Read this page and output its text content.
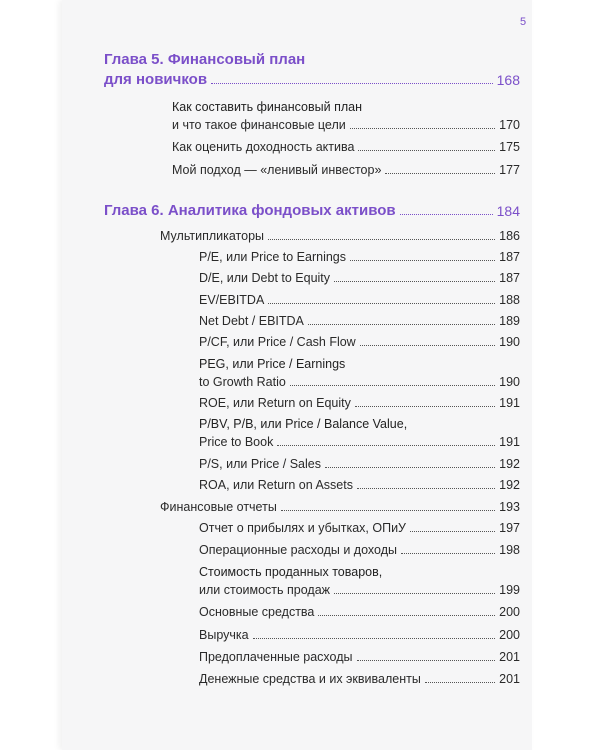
5
Глава 5. Финансовый план
для новичков	168
Как составить финансовый план
и что такое финансовые цели	170
Как оценить доходность актива	175
Мой подход — «ленивый инвестор»	177
Глава 6. Аналитика фондовых активов	184
Мультипликаторы	186
P/E, или Price to Earnings	187
D/E, или Debt to Equity	187
EV/EBITDA	188
Net Debt / EBITDA	189
P/CF, или Price / Cash Flow	190
PEG, или Price / Earnings
to Growth Ratio	190
ROE, или Return on Equity	191
P/BV, P/B, или Price / Balance Value,
Price to Book	191
P/S, или Price / Sales	192
ROA, или Return on Assets	192
Финансовые отчеты	193
Отчет о прибылях и убытках, ОПиУ	197
Операционные расходы и доходы	198
Стоимость проданных товаров,
или стоимость продаж	199
Основные средства	200
Выручка	200
Предоплаченные расходы	201
Денежные средства и их эквиваленты	201
